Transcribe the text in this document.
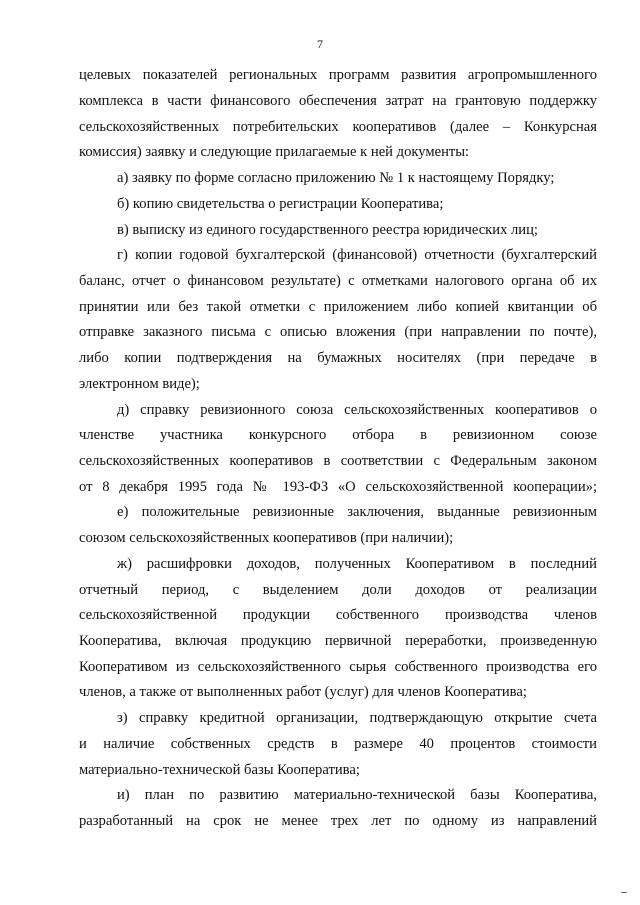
7
целевых показателей региональных программ развития агропромышленного
комплекса в части финансового обеспечения затрат на грантовую поддержку
сельскохозяйственных потребительских кооперативов (далее – Конкурсная
комиссия) заявку и следующие прилагаемые к ней документы:
а) заявку по форме согласно приложению № 1 к настоящему Порядку;
б) копию свидетельства о регистрации Кооператива;
в) выписку из единого государственного реестра юридических лиц;
г) копии годовой бухгалтерской (финансовой) отчетности (бухгалтерский
баланс, отчет о финансовом результате) с отметками налогового органа об их
принятии или без такой отметки с приложением либо копией квитанции об
отправке заказного письма с описью вложения (при направлении по почте),
либо копии подтверждения на бумажных носителях (при передаче в
электронном виде);
д) справку ревизионного союза сельскохозяйственных кооперативов о
членстве участника конкурсного отбора в ревизионном союзе
сельскохозяйственных кооперативов в соответствии с Федеральным законом
от 8 декабря 1995 года № 193-ФЗ «О сельскохозяйственной кооперации»;
е) положительные ревизионные заключения, выданные ревизионным
союзом сельскохозяйственных кооперативов (при наличии);
ж) расшифровки доходов, полученных Кооперативом в последний
отчетный период, с выделением доли доходов от реализации
сельскохозяйственной продукции собственного производства членов
Кооператива, включая продукцию первичной переработки, произведенную
Кооперативом из сельскохозяйственного сырья собственного производства его
членов, а также от выполненных работ (услуг) для членов Кооператива;
з) справку кредитной организации, подтверждающую открытие счета
и наличие собственных средств в размере 40 процентов стоимости
материально-технической базы Кооператива;
и) план по развитию материально-технической базы Кооператива,
разработанный на срок не менее трех лет по одному из направлений
